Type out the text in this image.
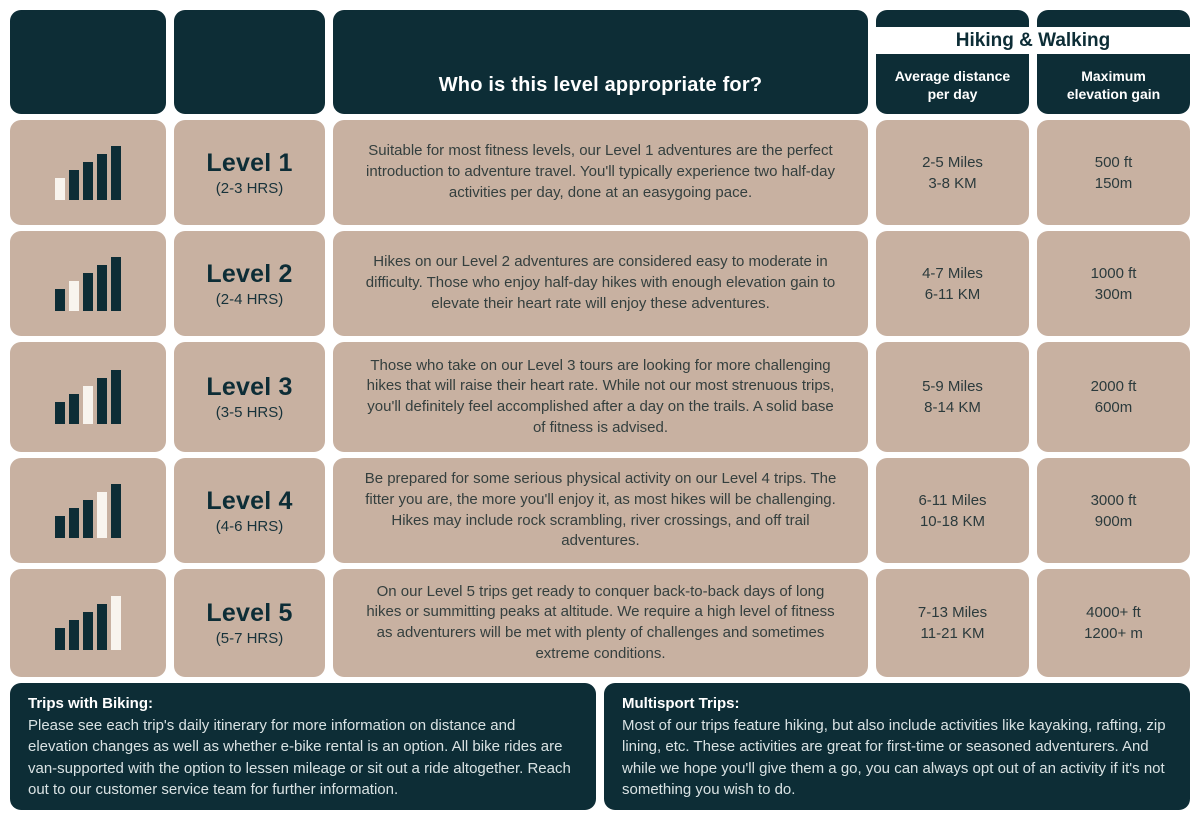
Who is this level appropriate for?
Hiking & Walking
Average distance
per day
Maximum
elevation gain
Level 1
(2-3 HRS)
Suitable for most fitness levels, our Level 1 adventures are the perfect introduction to adventure travel. You'll typically experience two half-day activities per day, done at an easygoing pace.
2-5 Miles
3-8 KM
500 ft
150m
Level 2
(2-4 HRS)
Hikes on our Level 2 adventures are considered easy to moderate in difficulty. Those who enjoy half-day hikes with enough elevation gain to elevate their heart rate will enjoy these adventures.
4-7 Miles
6-11 KM
1000 ft
300m
Level 3
(3-5 HRS)
Those who take on our Level 3 tours are looking for more challenging hikes that will raise their heart rate. While not our most strenuous trips, you'll definitely feel accomplished after a day on the trails. A solid base of fitness is advised.
5-9 Miles
8-14 KM
2000 ft
600m
Level 4
(4-6 HRS)
Be prepared for some serious physical activity on our Level 4 trips. The fitter you are, the more you'll enjoy it, as most hikes will be challenging. Hikes may include rock scrambling, river crossings, and off trail adventures.
6-11 Miles
10-18 KM
3000 ft
900m
Level 5
(5-7 HRS)
On our Level 5 trips get ready to conquer back-to-back days of long hikes or summitting peaks at altitude. We require a high level of fitness as adventurers will be met with plenty of challenges and sometimes extreme conditions.
7-13 Miles
11-21 KM
4000+ ft
1200+ m
Trips with Biking:
Please see each trip's daily itinerary for more information on distance and elevation changes as well as whether e-bike rental is an option. All bike rides are van-supported with the option to lessen mileage or sit out a ride altogether. Reach out to our customer service team for further information.
Multisport Trips:
Most of our trips feature hiking, but also include activities like kayaking, rafting, zip lining, etc. These activities are great for first-time or seasoned adventurers. And while we hope you'll give them a go, you can always opt out of an activity if it's not something you wish to do.
